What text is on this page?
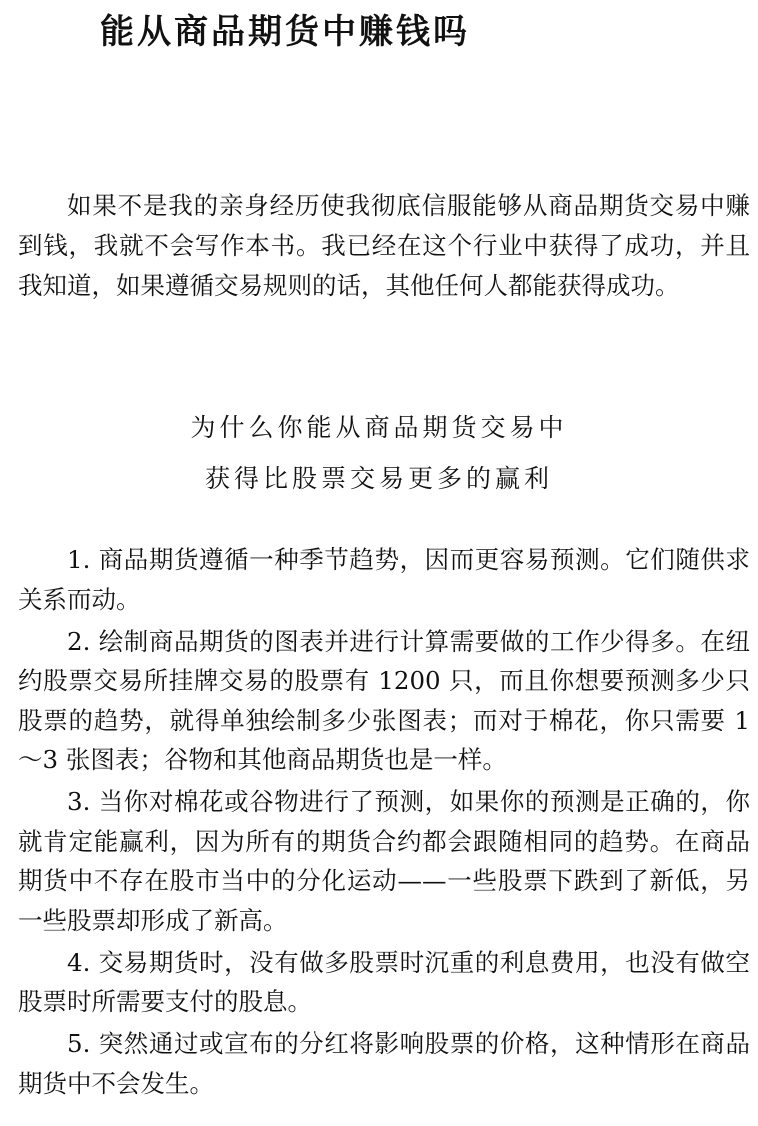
能从商品期货中赚钱吗

如果不是我的亲身经历使我彻底信服能够从商品期货交易中赚到钱，我就不会写作本书。我已经在这个行业中获得了成功，并且我知道，如果遵循交易规则的话，其他任何人都能获得成功。

为什么你能从商品期货交易中
获得比股票交易更多的赢利

1. 商品期货遵循一种季节趋势，因而更容易预测。它们随供求关系而动。

2. 绘制商品期货的图表并进行计算需要做的工作少得多。在纽约股票交易所挂牌交易的股票有 1200 只，而且你想要预测多少只股票的趋势，就得单独绘制多少张图表；而对于棉花，你只需要 1～3 张图表；谷物和其他商品期货也是一样。

3. 当你对棉花或谷物进行了预测，如果你的预测是正确的，你就肯定能赢利，因为所有的期货合约都会跟随相同的趋势。在商品期货中不存在股市当中的分化运动——一些股票下跌到了新低，另一些股票却形成了新高。

4. 交易期货时，没有做多股票时沉重的利息费用，也没有做空股票时所需要支付的股息。

5. 突然通过或宣布的分红将影响股票的价格，这种情形在商品期货中不会发生。
